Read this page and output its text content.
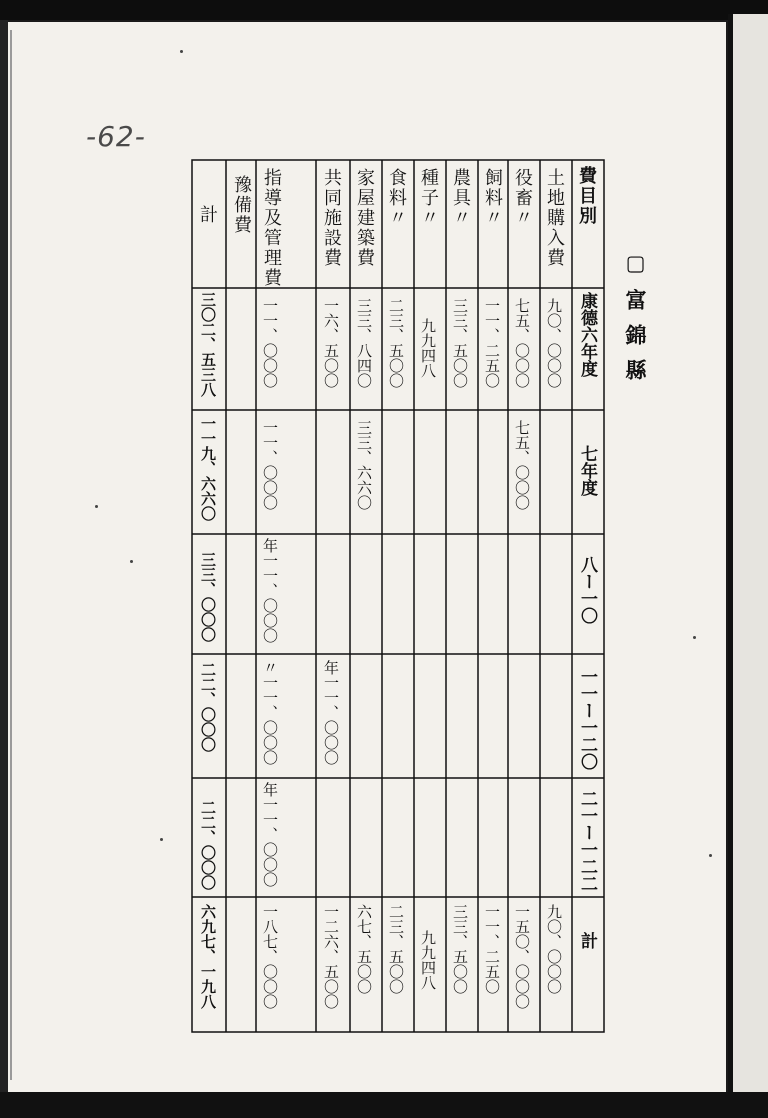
-62-
▢富錦縣
費目別
康德六年度
七年度
八ー一〇
一一ー一二〇
二一ー一二二
計
土地購入費
役畜〃
飼料〃
農具〃
種子〃
食料〃
家屋建築費
共同施設費
指導及管理費
豫備費
計
九〇、〇〇〇
七五、〇〇〇
一一、二五〇
三三、五〇〇
九九四八
二三、五〇〇
三三、八四〇
一六、五〇〇
一一、〇〇〇
三〇二、五三八
七五、〇〇〇
三三、六六〇
一一、〇〇〇
一一九、六六〇
年一一、〇〇〇
三三、〇〇〇
年一一、〇〇〇
〃一一、〇〇〇
二二、〇〇〇
年一一、〇〇〇
二二、〇〇〇
九〇、〇〇〇
一五〇、〇〇〇
一一、二五〇
三三、五〇〇
九九四八
二三、五〇〇
六七、五〇〇
一二六、五〇〇
一八七、〇〇〇
六九七、一九八
